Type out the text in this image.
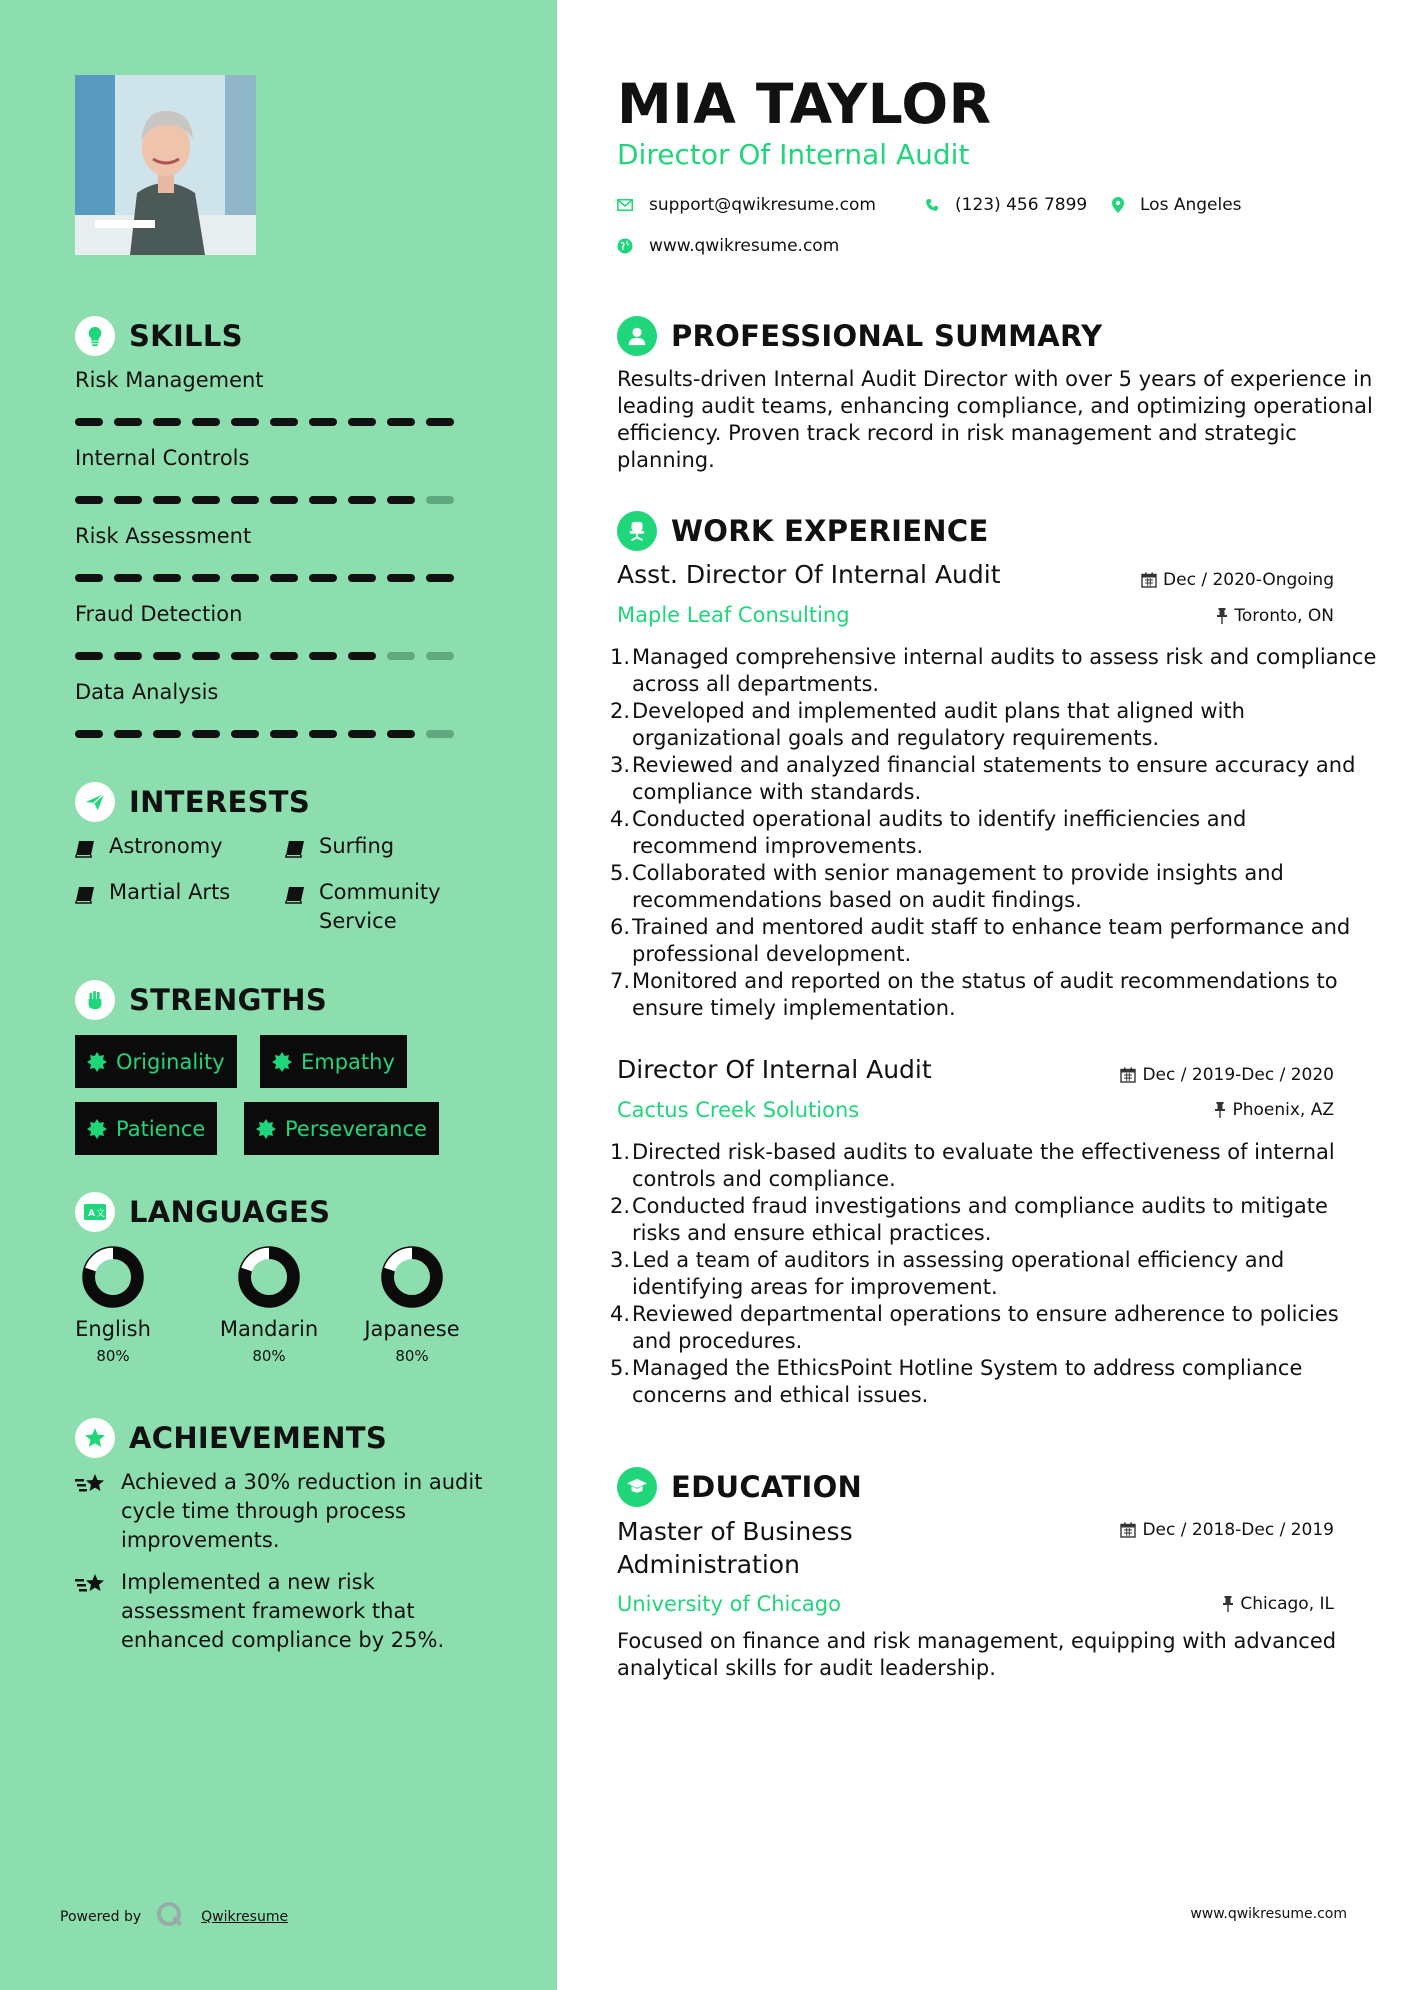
SKILLS
Risk Management
Internal Controls
Risk Assessment
Fraud Detection
Data Analysis
INTERESTS
Astronomy	Surfing
Martial Arts	Community Service
STRENGTHS
Originality	Empathy
Patience	Perseverance
A 文 LANGUAGES
English
80%
Mandarin
80%
Japanese
80%
ACHIEVEMENTS
Achieved a 30% reduction in audit cycle time through process improvements.
Implemented a new risk assessment framework that enhanced compliance by 25%.
Powered by	Qwikresume
MIA TAYLOR
Director Of Internal Audit
support@qwikresume.com	(123) 456 7899	Los Angeles
www.qwikresume.com
PROFESSIONAL SUMMARY
Results-driven Internal Audit Director with over 5 years of experience in leading audit teams, enhancing compliance, and optimizing operational efficiency. Proven track record in risk management and strategic planning.
WORK EXPERIENCE
Asst. Director Of Internal Audit	Dec / 2020-Ongoing
Maple Leaf Consulting	Toronto, ON
1. Managed comprehensive internal audits to assess risk and compliance across all departments.
2. Developed and implemented audit plans that aligned with organizational goals and regulatory requirements.
3. Reviewed and analyzed financial statements to ensure accuracy and compliance with standards.
4. Conducted operational audits to identify inefficiencies and recommend improvements.
5. Collaborated with senior management to provide insights and recommendations based on audit findings.
6. Trained and mentored audit staff to enhance team performance and professional development.
7. Monitored and reported on the status of audit recommendations to ensure timely implementation.
Director Of Internal Audit	Dec / 2019-Dec / 2020
Cactus Creek Solutions	Phoenix, AZ
1. Directed risk-based audits to evaluate the effectiveness of internal controls and compliance.
2. Conducted fraud investigations and compliance audits to mitigate risks and ensure ethical practices.
3. Led a team of auditors in assessing operational efficiency and identifying areas for improvement.
4. Reviewed departmental operations to ensure adherence to policies and procedures.
5. Managed the EthicsPoint Hotline System to address compliance concerns and ethical issues.
EDUCATION
Master of Business Administration
Dec / 2018-Dec / 2019
University of Chicago	Chicago, IL
Focused on finance and risk management, equipping with advanced analytical skills for audit leadership.
www.qwikresume.com
